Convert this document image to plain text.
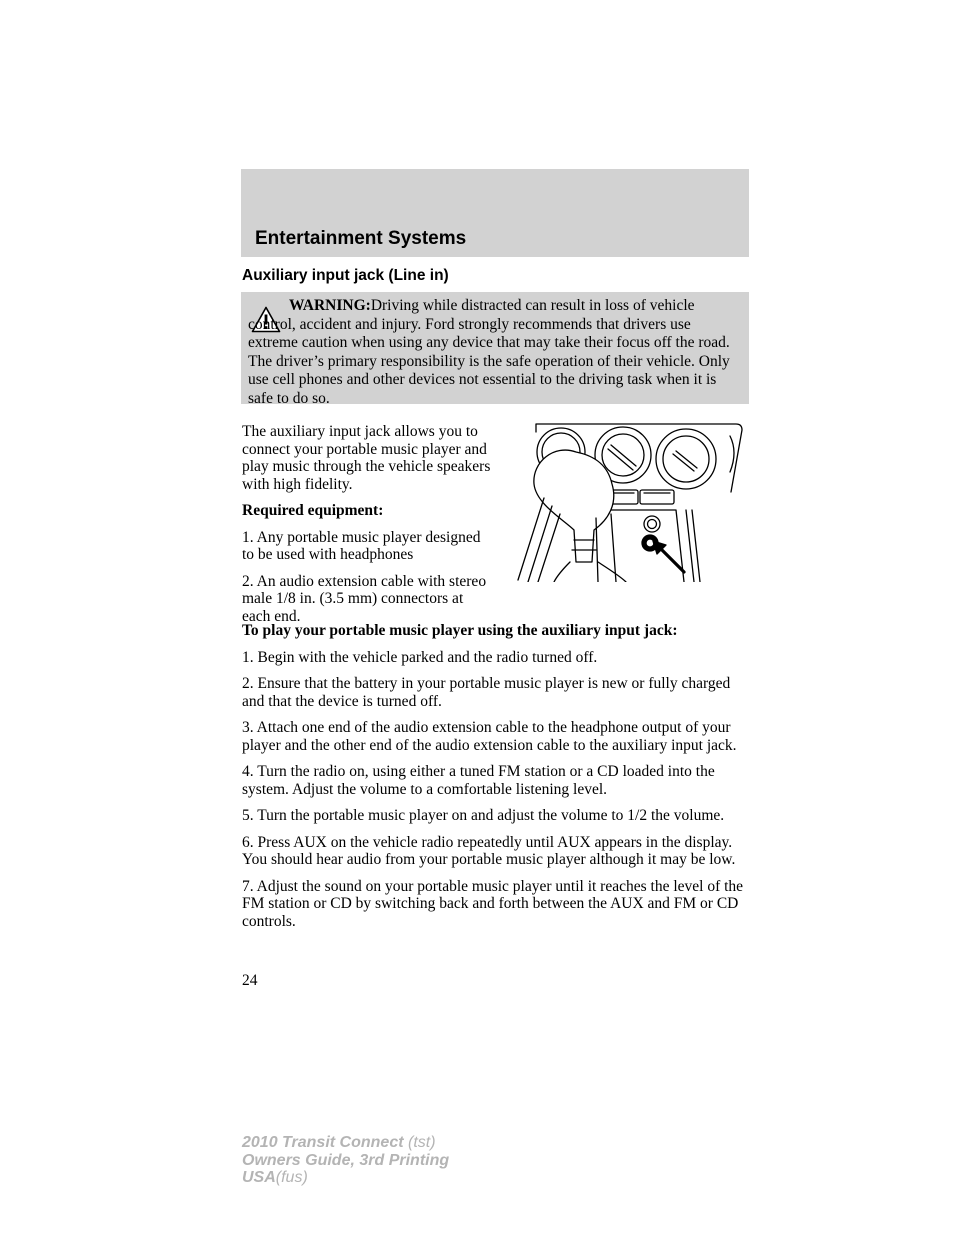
Entertainment Systems
Auxiliary input jack (Line in)
WARNING:Driving while distracted can result in loss of vehicle control, accident and injury. Ford strongly recommends that drivers use extreme caution when using any device that may take their focus off the road. The driver’s primary responsibility is the safe operation of their vehicle. Only use cell phones and other devices not essential to the driving task when it is safe to do so.

The auxiliary input jack allows you to connect your portable music player and play music through the vehicle speakers with high fidelity.

Required equipment:

1. Any portable music player designed to be used with headphones

2. An audio extension cable with stereo male 1/8 in. (3.5 mm) connectors at each end.

To play your portable music player using the auxiliary input jack:

1. Begin with the vehicle parked and the radio turned off.

2. Ensure that the battery in your portable music player is new or fully charged and that the device is turned off.

3. Attach one end of the audio extension cable to the headphone output of your player and the other end of the audio extension cable to the auxiliary input jack.

4. Turn the radio on, using either a tuned FM station or a CD loaded into the system. Adjust the volume to a comfortable listening level.

5. Turn the portable music player on and adjust the volume to 1/2 the volume.

6. Press AUX on the vehicle radio repeatedly until AUX appears in the display.

You should hear audio from your portable music player although it may be low.

7. Adjust the sound on your portable music player until it reaches the level of the FM station or CD by switching back and forth between the AUX and FM or CD controls.

24
2010 Transit Connect (tst)
Owners Guide, 3rd Printing
USA(fus)
